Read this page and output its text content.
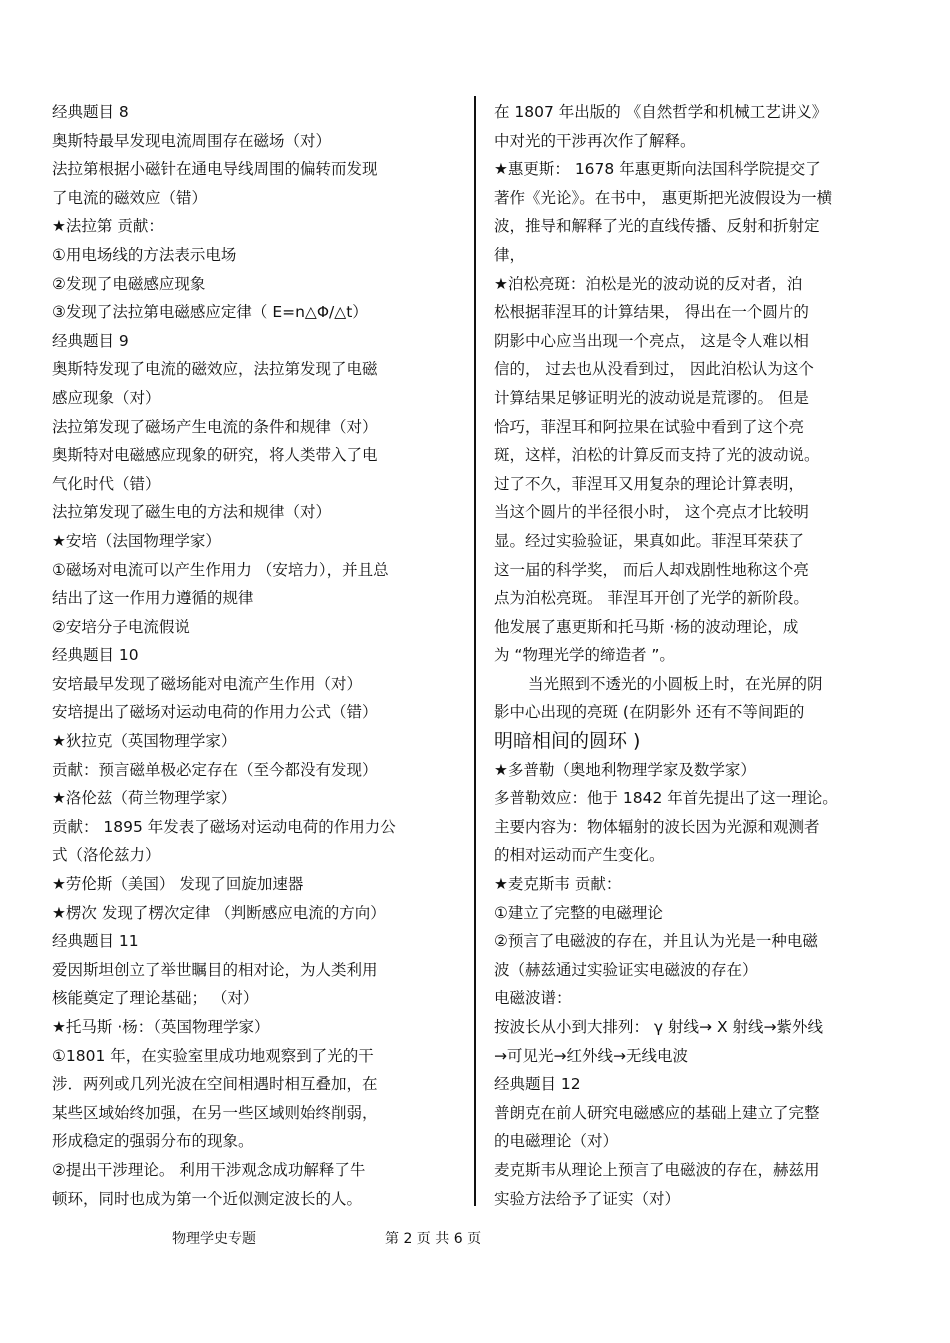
经典题目 8
奥斯特最早发现电流周围存在磁场（对）
法拉第根据小磁针在通电导线周围的偏转而发现
了电流的磁效应（错）
★法拉第 贡献：
①用电场线的方法表示电场
②发现了电磁感应现象
③发现了法拉第电磁感应定律（ E=n△Φ/△t）
经典题目 9
奥斯特发现了电流的磁效应，法拉第发现了电磁
感应现象（对）
法拉第发现了磁场产生电流的条件和规律（对）
奥斯特对电磁感应现象的研究，将人类带入了电
气化时代（错）
法拉第发现了磁生电的方法和规律（对）
★安培（法国物理学家）
①磁场对电流可以产生作用力 （安培力），并且总
结出了这一作用力遵循的规律
②安培分子电流假说
经典题目 10
安培最早发现了磁场能对电流产生作用（对）
安培提出了磁场对运动电荷的作用力公式（错）
★狄拉克（英国物理学家）
贡献：预言磁单极必定存在（至今都没有发现）
★洛伦兹（荷兰物理学家）
贡献： 1895 年发表了磁场对运动电荷的作用力公
式（洛伦兹力）
★劳伦斯（美国） 发现了回旋加速器
★楞次 发现了楞次定律 （判断感应电流的方向）
经典题目 11
爱因斯坦创立了举世瞩目的相对论，为人类利用
核能奠定了理论基础； （对）
★托马斯 ·杨：（英国物理学家）
①1801 年，在实验室里成功地观察到了光的干
涉．两列或几列光波在空间相遇时相互叠加，在
某些区域始终加强，在另一些区域则始终削弱，
形成稳定的强弱分布的现象。
②提出干涉理论。 利用干涉观念成功解释了牛
顿环，同时也成为第一个近似测定波长的人。
在 1807 年出版的 《自然哲学和机械工艺讲义》
中对光的干涉再次作了解释。
★惠更斯： 1678 年惠更斯向法国科学院提交了
著作《光论》。在书中， 惠更斯把光波假设为一横
波，推导和解释了光的直线传播、反射和折射定
律，
★泊松亮斑：泊松是光的波动说的反对者，泊
松根据菲涅耳的计算结果， 得出在一个圆片的
阴影中心应当出现一个亮点， 这是令人难以相
信的， 过去也从没看到过， 因此泊松认为这个
计算结果足够证明光的波动说是荒谬的。 但是
恰巧，菲涅耳和阿拉果在试验中看到了这个亮
斑，这样，泊松的计算反而支持了光的波动说。
过了不久，菲涅耳又用复杂的理论计算表明，
当这个圆片的半径很小时， 这个亮点才比较明
显。经过实验验证，果真如此。菲涅耳荣获了
这一届的科学奖， 而后人却戏剧性地称这个亮
点为泊松亮斑。 菲涅耳开创了光学的新阶段。
他发展了惠更斯和托马斯 ·杨的波动理论，成
为 “物理光学的缔造者 ”。
当光照到不透光的小圆板上时，在光屏的阴
影中心出现的亮斑 (在阴影外 还有不等间距的
明暗相间的圆环 )
★多普勒（奥地利物理学家及数学家）
多普勒效应：他于 1842 年首先提出了这一理论。
主要内容为：物体辐射的波长因为光源和观测者
的相对运动而产生变化。
★麦克斯韦 贡献：
①建立了完整的电磁理论
②预言了电磁波的存在，并且认为光是一种电磁
波（赫兹通过实验证实电磁波的存在）
电磁波谱：
按波长从小到大排列： γ 射线→ X 射线→紫外线
→可见光→红外线→无线电波
经典题目 12
普朗克在前人研究电磁感应的基础上建立了完整
的电磁理论（对）
麦克斯韦从理论上预言了电磁波的存在，赫兹用
实验方法给予了证实（对）
物理学史专题	第 2 页 共 6 页
